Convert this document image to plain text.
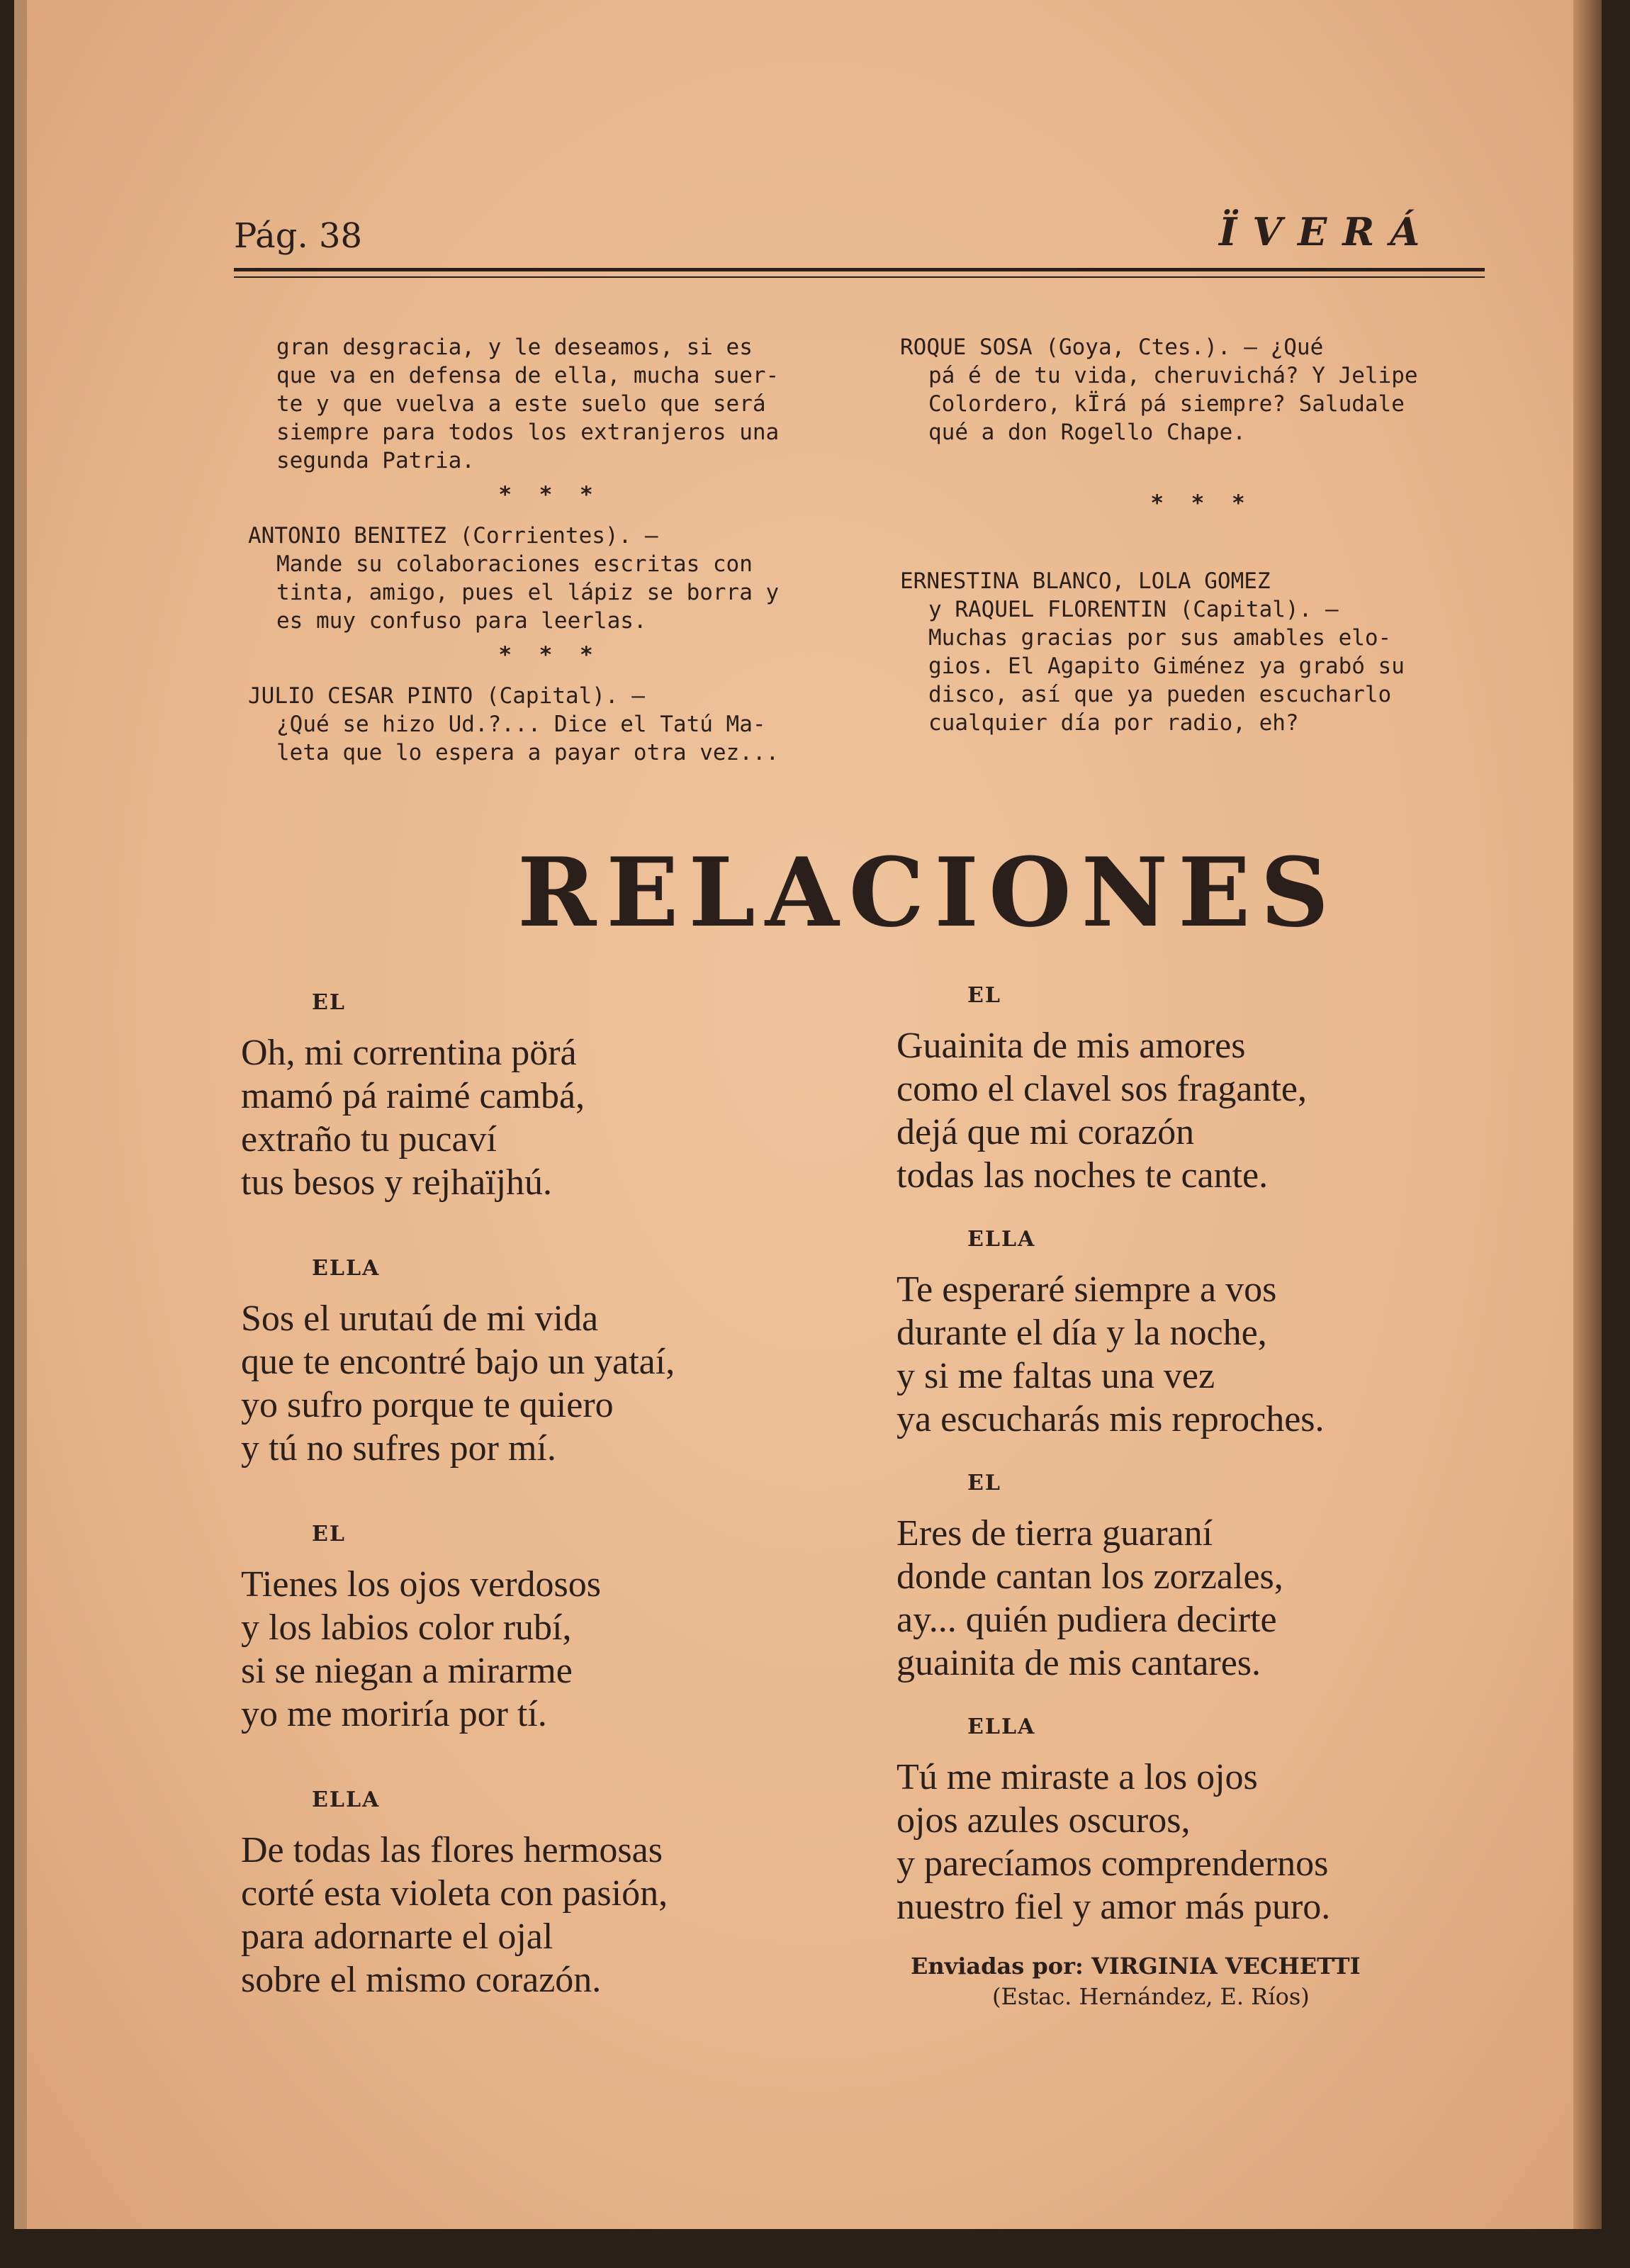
Pág. 38	ÏVERÁ

gran desgracia, y le deseamos, si es

que va en defensa de ella, mucha suer-

te y que vuelva a este suelo que será

siempre para todos los extranjeros una

segunda Patria.

* * *

ANTONIO BENITEZ (Corrientes). —

Mande su colaboraciones escritas con

tinta, amigo, pues el lápiz se borra y

es muy confuso para leerlas.

* * *

JULIO CESAR PINTO (Capital). —

¿Qué se hizo Ud.?... Dice el Tatú Ma-

leta que lo espera a payar otra vez...

ROQUE SOSA (Goya, Ctes.). — ¿Qué

pá é de tu vida, cheruvichá? Y Jelipe

Colordero, kÏrá pá siempre? Saludale

qué a don Rogello Chape.

* * *

ERNESTINA BLANCO, LOLA GOMEZ

y RAQUEL FLORENTIN (Capital). —

Muchas gracias por sus amables elo-

gios. El Agapito Giménez ya grabó su

disco, así que ya pueden escucharlo

cualquier día por radio, eh?

RELACIONES

EL

Oh, mi correntina pörá

mamó pá raimé cambá,

extraño tu pucaví

tus besos y rejhaïjhú.

ELLA

Sos el urutaú de mi vida

que te encontré bajo un yataí,

yo sufro porque te quiero

y tú no sufres por mí.

EL

Tienes los ojos verdosos

y los labios color rubí,

si se niegan a mirarme

yo me moriría por tí.

ELLA

De todas las flores hermosas

corté esta violeta con pasión,

para adornarte el ojal

sobre el mismo corazón.

EL

Guainita de mis amores

como el clavel sos fragante,

dejá que mi corazón

todas las noches te cante.

ELLA

Te esperaré siempre a vos

durante el día y la noche,

y si me faltas una vez

ya escucharás mis reproches.

EL

Eres de tierra guaraní

donde cantan los zorzales,

ay... quién pudiera decirte

guainita de mis cantares.

ELLA

Tú me miraste a los ojos

ojos azules oscuros,

y parecíamos comprendernos

nuestro fiel y amor más puro.

Enviadas por: VIRGINIA VECHETTI
(Estac. Hernández, E. Ríos)
